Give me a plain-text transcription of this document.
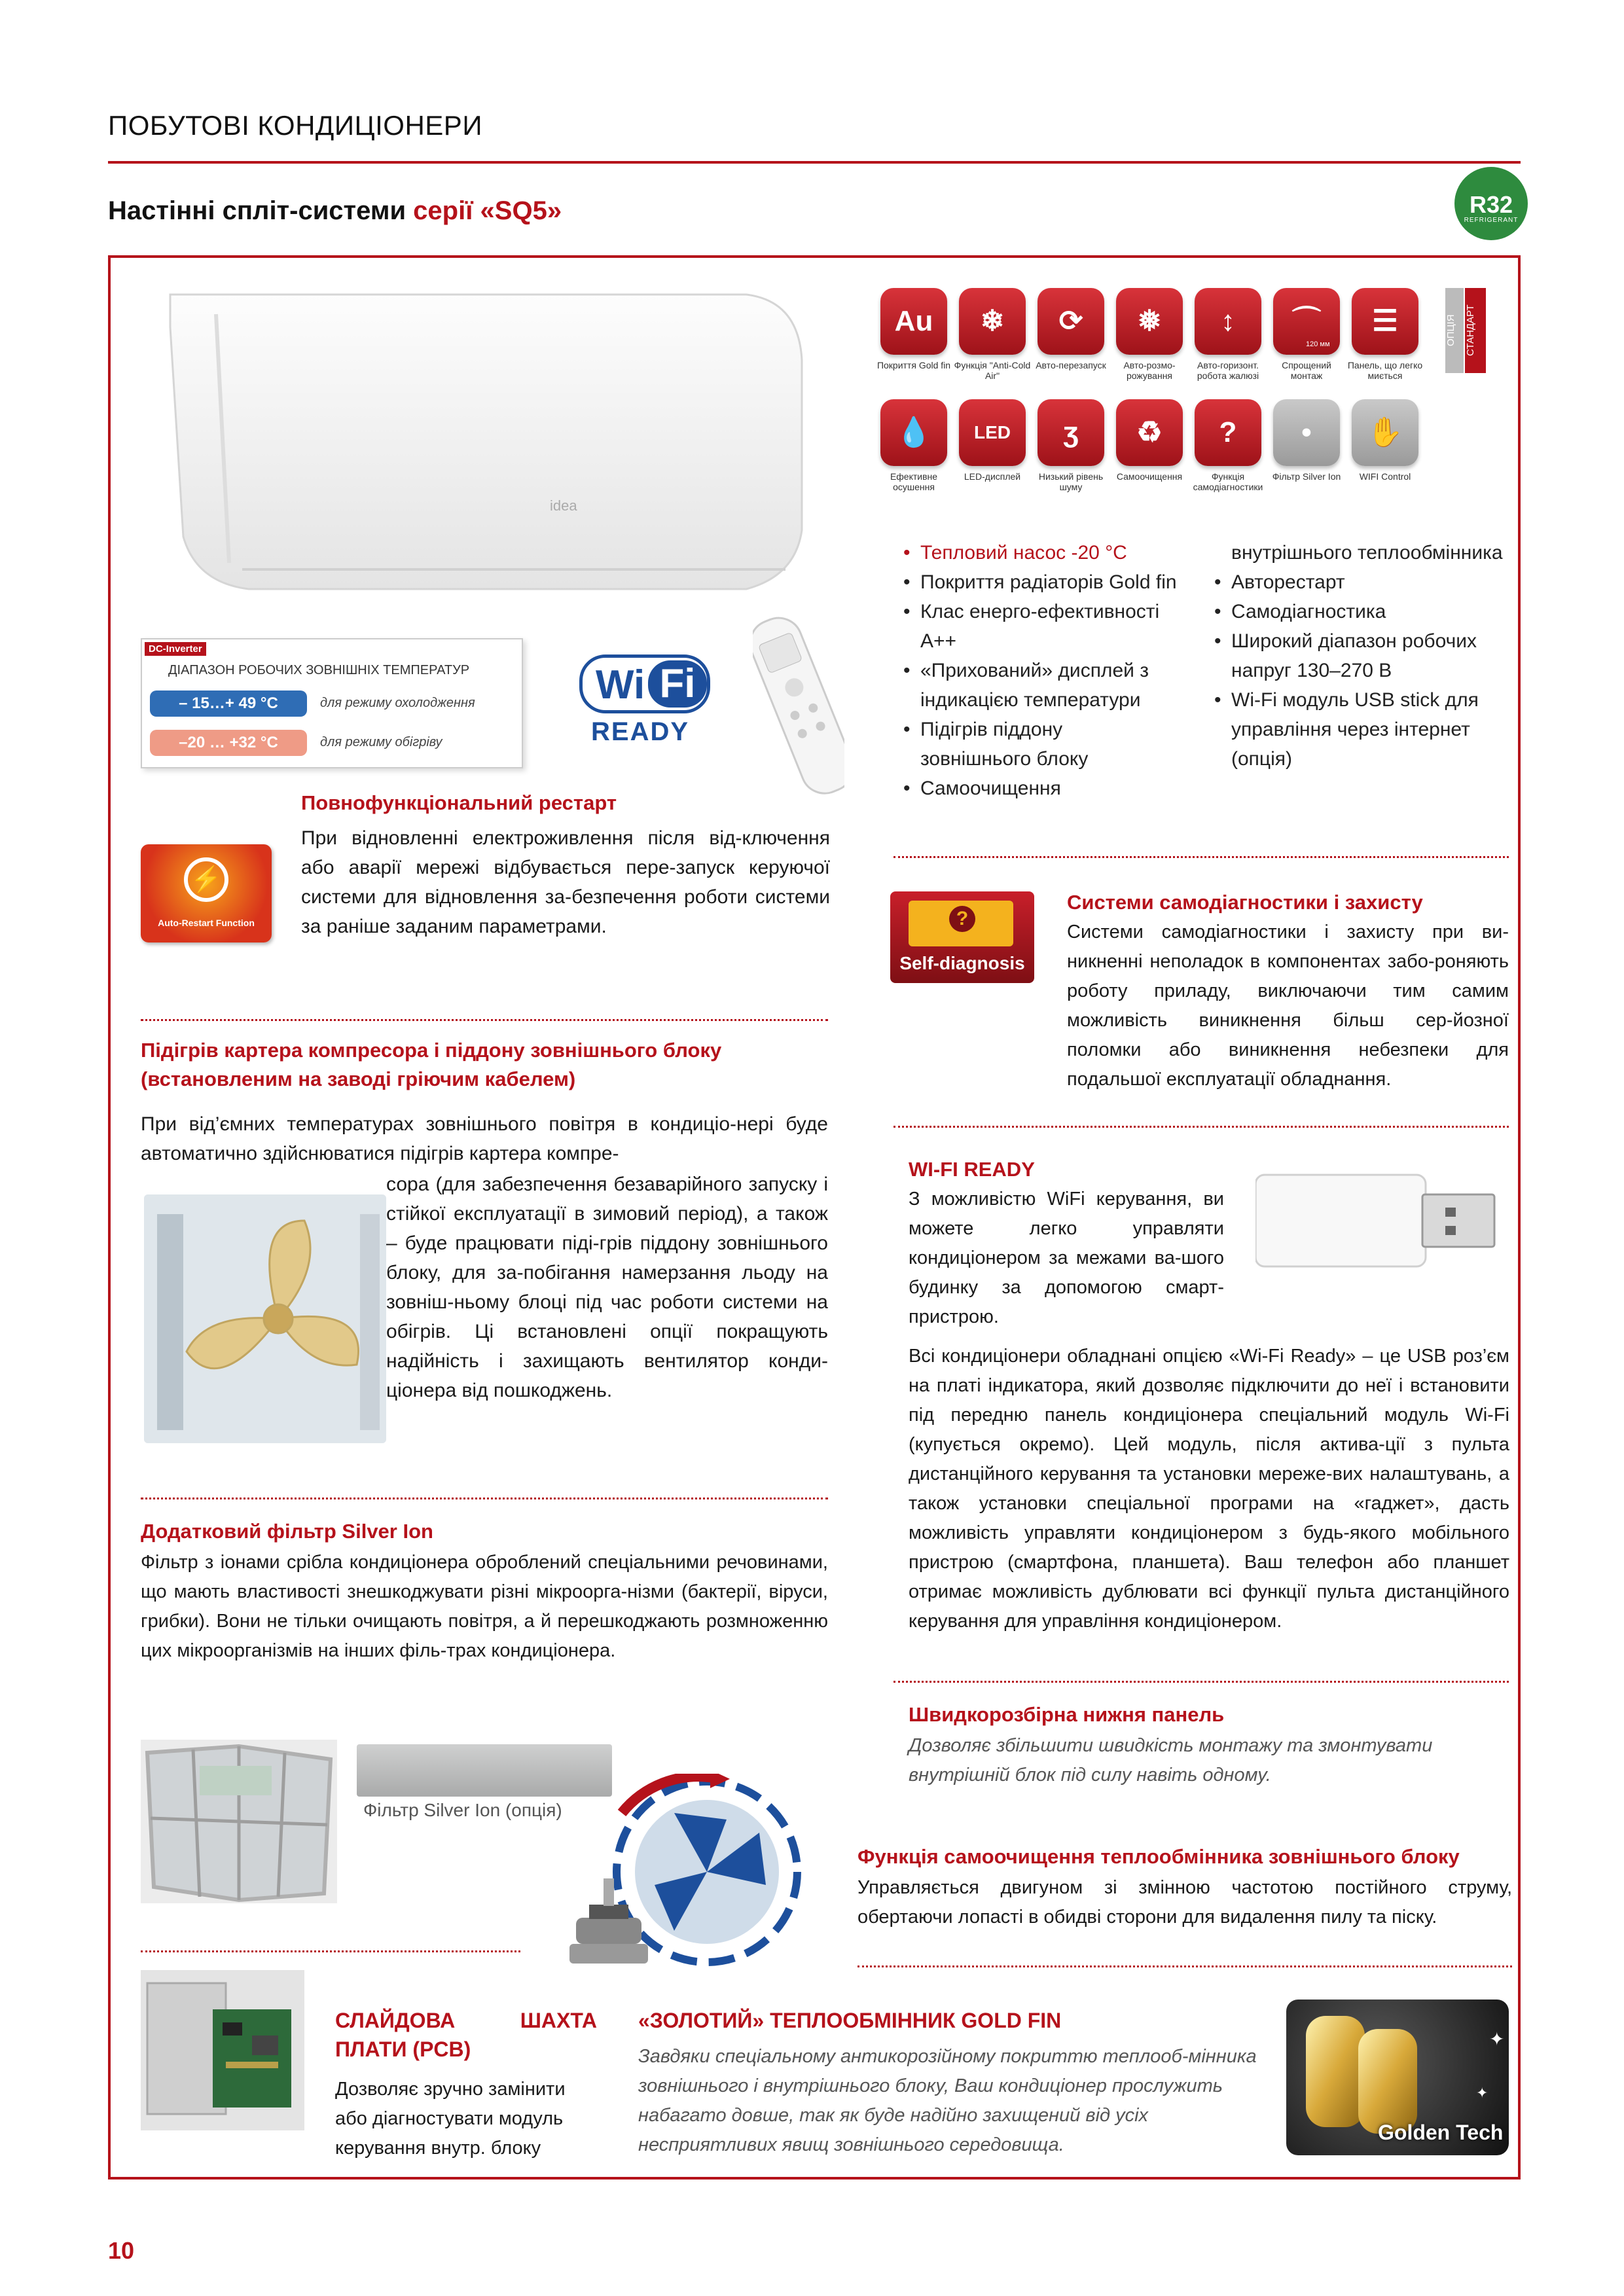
ПОБУТОВІ КОНДИЦІОНЕРИ
Настінні спліт-системи серії «SQ5»	R32
REFRIGERANT
idea
Au
Покриття Gold fin
❄
Функція "Anti-Cold Air"
⟳
Авто-перезапуск
❅
Авто-розмо-рожування
↕
Авто-горизонт. робота жалюзі
⌒
120 мм
Спрощений монтаж
☰
Панель, що легко миється
💧
Ефективне осушення
LED
LED-дисплей
ʒ
Низький рівень шуму
♻
Самоочищення
?
Функція самодіагностики
•
Фільтр Silver Ion
✋
WIFI Control
ОПЦІЯ СТАНДАРТ
DC-Inverter
ДІАПАЗОН РОБОЧИХ ЗОВНІШНІХ ТЕМПЕРАТУР
– 15…+ 49 °C	для режиму охолодження
–20 … +32 °C	для режиму обігріву
Wi Fi
READY
• Тепловий насос -20 °C
• Покриття радіаторів Gold fin
• Клас енерго-ефективності А++
• «Прихований» дисплей з індикацією температури
• Підігрів піддону зовнішнього блоку
• Самоочищення
внутрішнього теплообмінника
• Авторестарт
• Самодіагностика
• Широкий діапазон робочих напруг 130–270 В
• Wi-Fi модуль USB stick для управління через інтернет (опція)
Повнофункціональний рестарт
⚡
Auto-Restart Function
При відновленні електроживлення після від-ключення або аварії мережі відбувається пере-запуск керуючої системи для відновлення за-безпечення роботи системи за раніше заданим параметрами.
Підігрів картера компресора і піддону зовнішнього блоку
(встановленим на заводі гріючим кабелем)
При від’ємних температурах зовнішнього повітря в кондиціо-нері буде автоматично здійснюватися підігрів картера компре-
сора (для забезпечення безаварійного запуску і стійкої експлуатації в зимовий період), а також – буде працювати піді-грів піддону зовнішнього блоку, для за-побігання намерзання льоду на зовніш-ньому блоці під час роботи системи на обігрів. Ці встановлені опції покращують надійність і захищають вентилятор конди-ціонера від пошкоджень.
Додатковий фільтр Silver Ion
Фільтр з іонами срібла кондиціонера оброблений спеціальними речовинами, що мають властивості знешкоджувати різні мікроорга-нізми (бактерії, віруси, грибки). Вони не тільки очищають повітря, а й перешкоджають розмноженню цих мікроорганізмів на інших філь-трах кондиціонера.
Фільтр Silver Ion (опція)
?
Self-diagnosis
Системи самодіагностики і захисту
Системи самодіагностики і захисту при ви-никненні неполадок в компонентах забо-роняють роботу приладу, виключаючи тим самим можливість виникнення більш сер-йозної поломки або виникнення небезпеки для подальшої експлуатації обладнання.
WI-FI READY
З можливістю WiFi керування, ви можете легко управляти кондиціонером за межами ва-шого будинку за допомогою смарт-пристрою.
Всі кондиціонери обладнані опцією «Wi-Fi Ready» – це USB роз’єм на платі індикатора, який дозволяє підключити до неї і встановити під передню панель кондиціонера спеціальний модуль Wi-Fi (купується окремо). Цей модуль, після актива-ції з пульта дистанційного керування та установки мереже-вих налаштувань, а також установки спеціальної програми на «гаджет», дасть можливість управляти кондиціонером з будь-якого мобільного пристрою (смартфона, планшета). Ваш телефон або планшет отримає можливість дублювати всі функції пульта дистанційного керування для управління кондиціонером.
Швидкорозбірна нижня панель
Дозволяє збільшити швидкість монтажу та змонтувати внутрішній блок під силу навіть одному.
Функція самоочищення теплообмінника зовнішнього блоку
Управляється двигуном зі змінною частотою постійного струму, обертаючи лопасті в обидві сторони для видалення пилу та піску.
СЛАЙДОВА	ШАХТА
ПЛАТИ (PCB)
Дозволяє зручно замінити або діагностувати модуль керування внутр. блоку
«ЗОЛОТИЙ» ТЕПЛООБМІННИК GOLD FIN
Завдяки спеціальному антикорозійному покриттю теплооб-мінника зовнішнього і внутрішнього блоку, Ваш кондиціонер прослужить набагато довше, так як буде надійно захищений від усіх несприятливих явищ зовнішнього середовища.
✦
✦
Golden Tech
10
